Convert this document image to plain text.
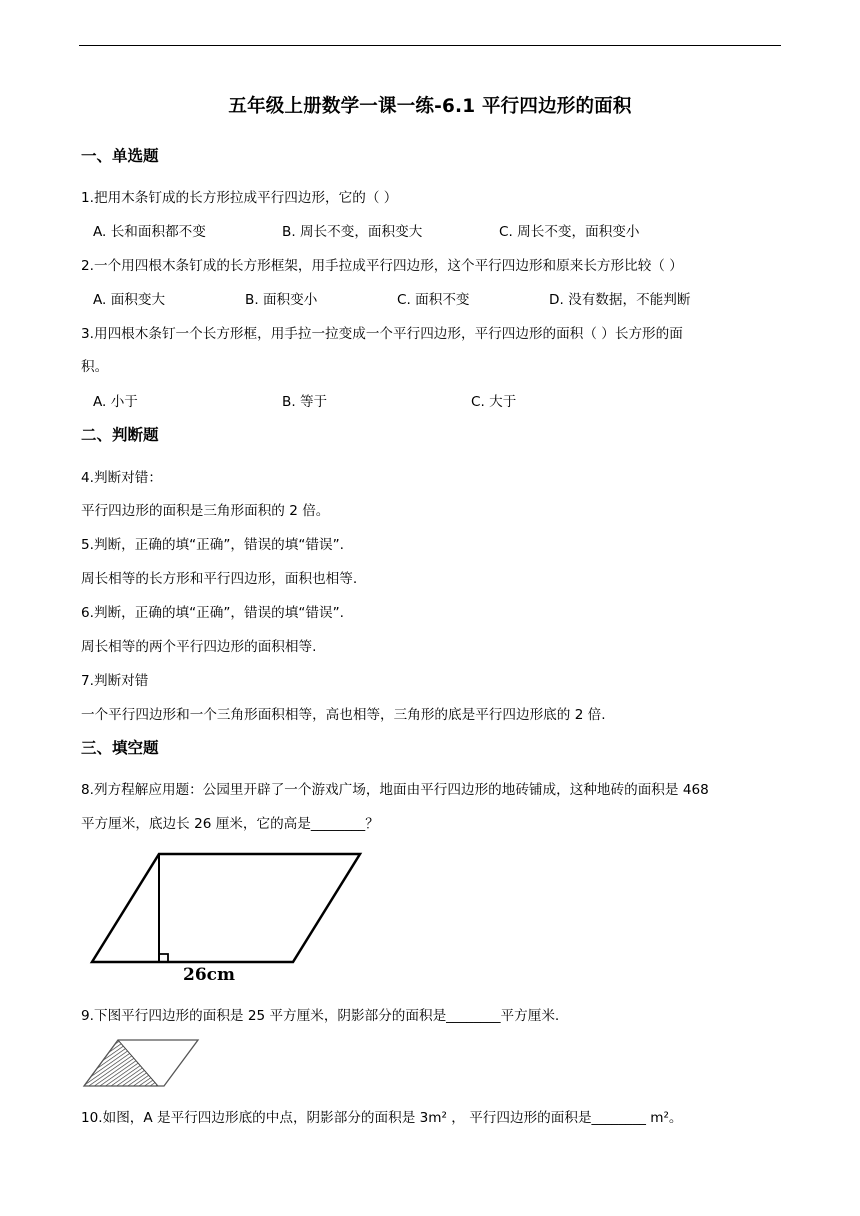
五年级上册数学一课一练-6.1 平行四边形的面积
一、单选题
1.把用木条钉成的长方形拉成平行四边形，它的（ ）
A. 长和面积都不变	B. 周长不变，面积变大	C. 周长不变，面积变小
2.一个用四根木条钉成的长方形框架，用手拉成平行四边形，这个平行四边形和原来长方形比较（ ）
A. 面积变大	B. 面积变小	C. 面积不变	D. 没有数据，不能判断
3.用四根木条钉一个长方形框，用手拉一拉变成一个平行四边形，平行四边形的面积（ ）长方形的面
积。
A. 小于	B. 等于	C. 大于
二、判断题
4.判断对错：
平行四边形的面积是三角形面积的 2 倍。
5.判断，正确的填“正确”，错误的填“错误”.
周长相等的长方形和平行四边形，面积也相等.
6.判断，正确的填“正确”，错误的填“错误”.
周长相等的两个平行四边形的面积相等.
7.判断对错
一个平行四边形和一个三角形面积相等，高也相等，三角形的底是平行四边形底的 2 倍.
三、填空题
8.列方程解应用题：公园里开辟了一个游戏广场，地面由平行四边形的地砖铺成，这种地砖的面积是 468
平方厘米，底边长 26 厘米，它的高是________？
26cm
9.下图平行四边形的面积是 25 平方厘米，阴影部分的面积是________平方厘米.
10.如图，A 是平行四边形底的中点，阴影部分的面积是 3m² ， 平行四边形的面积是________ m²。
